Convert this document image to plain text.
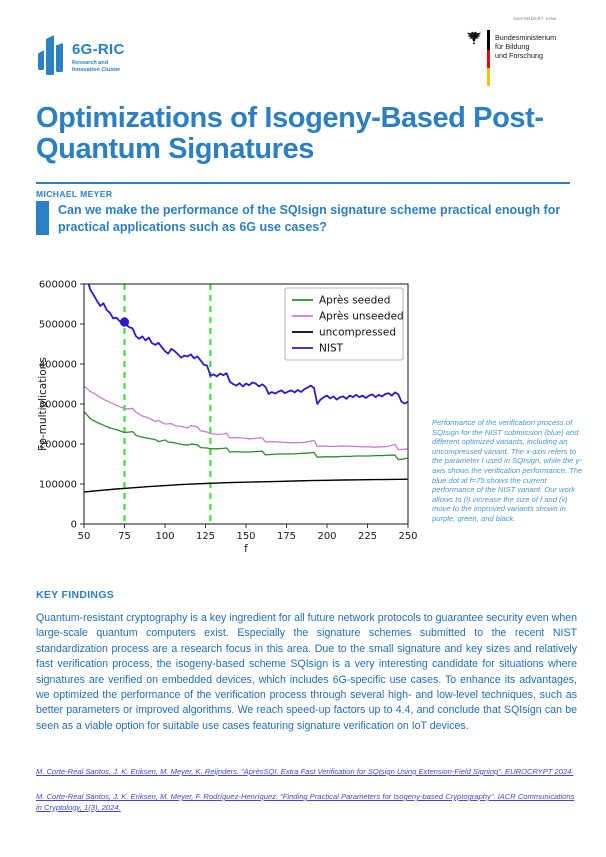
6G-RIC
Research and
Innovation Cluster
GEFÖRDERT VOM
Bundesministerium
für Bildung
und Forschung
Optimizations of Isogeny-Based Post-Quantum Signatures
MICHAEL MEYER
Can we make the performance of the SQIsign signature scheme practical enough for practical applications such as 6G use cases?
0
100000
200000
300000
400000
500000
600000
50	75 100 125 150 175 200 225 250
f
Fp-multiplications
Après seeded
Après unseeded
uncompressed
NIST
Performance of the verification process of SQIsign for the NIST submission (blue) and different optimized variants, including an uncompressed variant. The x-axis refers to the parameter f used in SQIsign, while the y-axis shows the verification performance. The blue dot at f=75 shows the current performance of the NIST variant. Our work allows to (i) increase the size of f and (ii) move to the improved variants shown in purple, green, and black.
KEY FINDINGS
Quantum-resistant cryptography is a key ingredient for all future network protocols to guarantee security even when large-scale quantum computers exist. Especially the signature schemes submitted to the recent NIST standardization process are a research focus in this area. Due to the small signature and key sizes and relatively fast verification process, the isogeny-based scheme SQIsign is a very interesting candidate for situations where signatures are verified on embedded devices, which includes 6G-specific use cases. To enhance its advantages, we optimized the performance of the verification process through several high- and low-level techniques, such as better parameters or improved algorithms. We reach speed-up factors up to 4.4, and conclude that SQIsign can be seen as a viable option for suitable use cases featuring signature verification on IoT devices.
M. Corte-Real Santos, J. K. Eriksen, M. Meyer, K. Reijnders. “AprèsSQI: Extra Fast Verification for SQIsign Using Extension-Field Signing”. EUROCRYPT 2024.
M. Corte-Real Santos, J. K. Eriksen, M. Meyer, F. Rodríguez-Henríquez. “Finding Practical Parameters for Isogeny-based Cryptography”. IACR Communications in Cryptology, 1(3), 2024.
